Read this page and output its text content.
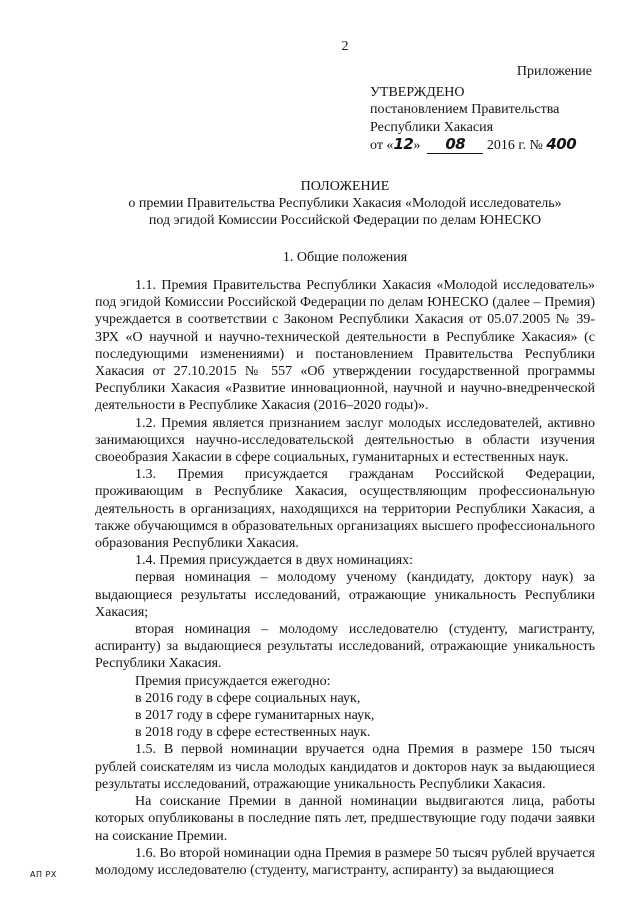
2
Приложение
УТВЕРЖДЕНО
постановлением Правительства
Республики Хакасия
от «12» 08 2016 г. № 400
ПОЛОЖЕНИЕ
о премии Правительства Республики Хакасия «Молодой исследователь»
под эгидой Комиссии Российской Федерации по делам ЮНЕСКО
1. Общие положения

1.1. Премия Правительства Республики Хакасия «Молодой исследователь» под эгидой Комиссии Российской Федерации по делам ЮНЕСКО (далее – Премия) учреждается в соответствии с Законом Республики Хакасия от 05.07.2005 № 39-ЗРХ «О научной и научно-технической деятельности в Республике Хакасия» (с последующими изменениями) и постановлением Правительства Республики Хакасия от 27.10.2015 № 557 «Об утверждении государственной программы Республики Хакасия «Развитие инновационной, научной и научно-внедренческой деятельности в Республике Хакасия (2016–2020 годы)».

1.2. Премия является признанием заслуг молодых исследователей, активно занимающихся научно-исследовательской деятельностью в области изучения своеобразия Хакасии в сфере социальных, гуманитарных и естественных наук.

1.3. Премия присуждается гражданам Российской Федерации, проживающим в Республике Хакасия, осуществляющим профессиональную деятельность в организациях, находящихся на территории Республики Хакасия, а также обучающимся в образовательных организациях высшего профессионального образования Республики Хакасия.

1.4. Премия присуждается в двух номинациях:

первая номинация – молодому ученому (кандидату, доктору наук) за выдающиеся результаты исследований, отражающие уникальность Республики Хакасия;

вторая номинация – молодому исследователю (студенту, магистранту, аспиранту) за выдающиеся результаты исследований, отражающие уникальность Республики Хакасия.

Премия присуждается ежегодно:

в 2016 году в сфере социальных наук,

в 2017 году в сфере гуманитарных наук,

в 2018 году в сфере естественных наук.

1.5. В первой номинации вручается одна Премия в размере 150 тысяч рублей соискателям из числа молодых кандидатов и докторов наук за выдающиеся результаты исследований, отражающие уникальность Республики Хакасия.

На соискание Премии в данной номинации выдвигаются лица, работы которых опубликованы в последние пять лет, предшествующие году подачи заявки на соискание Премии.

1.6. Во второй номинации одна Премия в размере 50 тысяч рублей вручается молодому исследователю (студенту, магистранту, аспиранту) за выдающиеся

АП РХ
